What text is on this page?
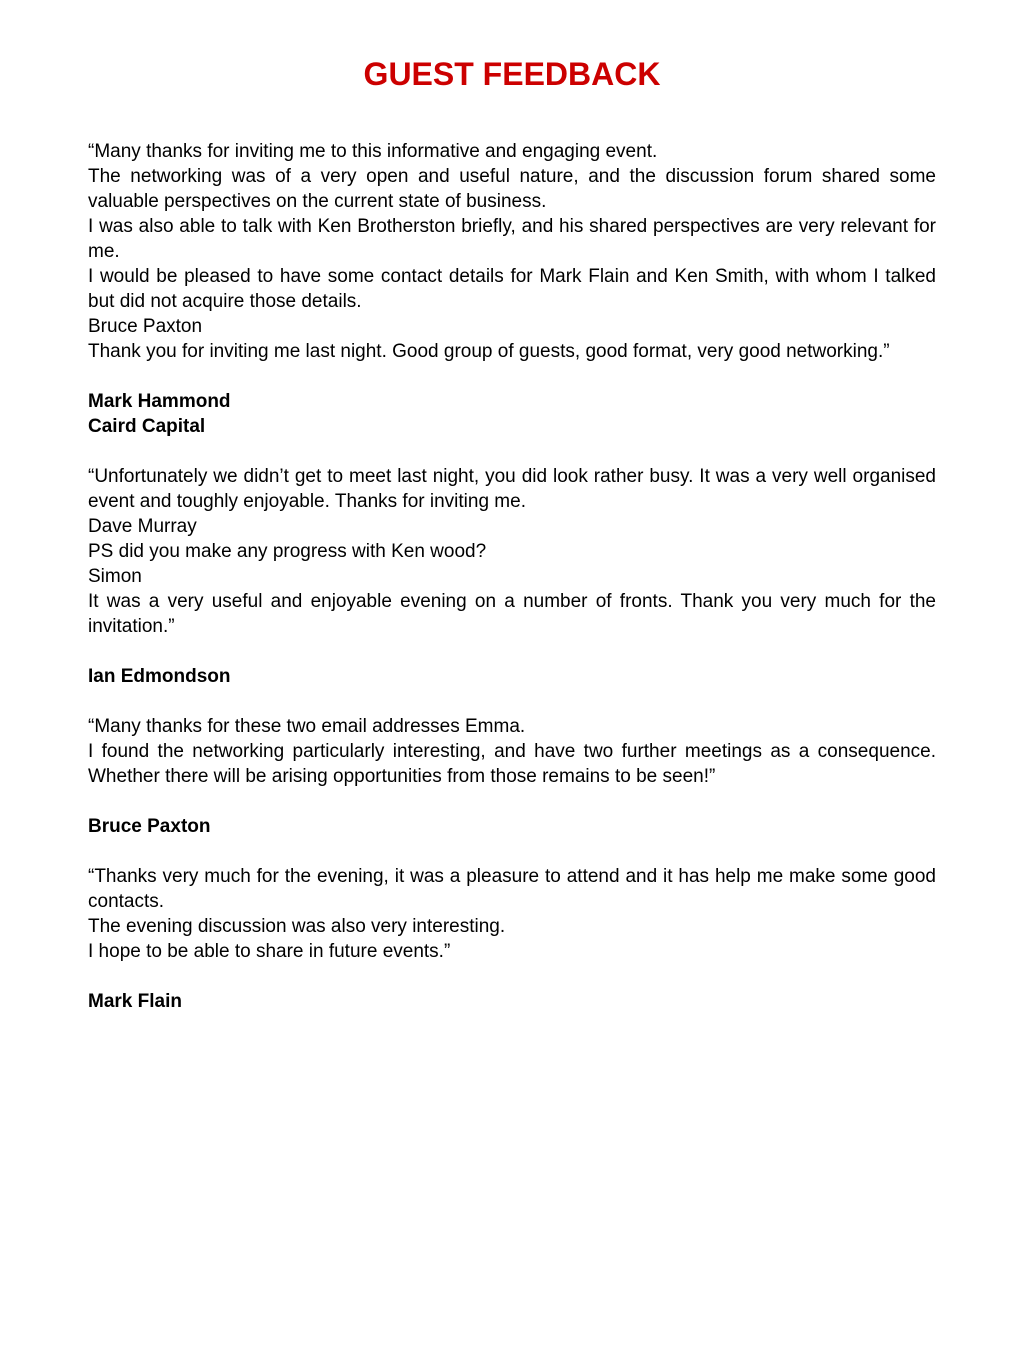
GUEST FEEDBACK

“Many thanks for inviting me to this informative and engaging event.

The networking was of a very open and useful nature, and the discussion forum shared some valuable perspectives on the current state of business.

I was also able to talk with Ken Brotherston briefly, and his shared perspectives are very relevant for me.

I would be pleased to have some contact details for Mark Flain and Ken Smith, with whom I talked but did not acquire those details.

Bruce Paxton

Thank you for inviting me last night. Good group of guests, good format, very good networking.”

Mark Hammond
Caird Capital

“Unfortunately we didn’t get to meet last night, you did look rather busy. It was a very well organised event and toughly enjoyable. Thanks for inviting me.

Dave Murray

PS did you make any progress with Ken wood?

Simon

It was a very useful and enjoyable evening on a number of fronts. Thank you very much for the invitation.”

Ian Edmondson

“Many thanks for these two email addresses Emma.

I found the networking particularly interesting, and have two further meetings as a consequence. Whether there will be arising opportunities from those remains to be seen!”

Bruce Paxton

“Thanks very much for the evening, it was a pleasure to attend and it has help me make some good contacts.

The evening discussion was also very interesting.

I hope to be able to share in future events.”

Mark Flain
